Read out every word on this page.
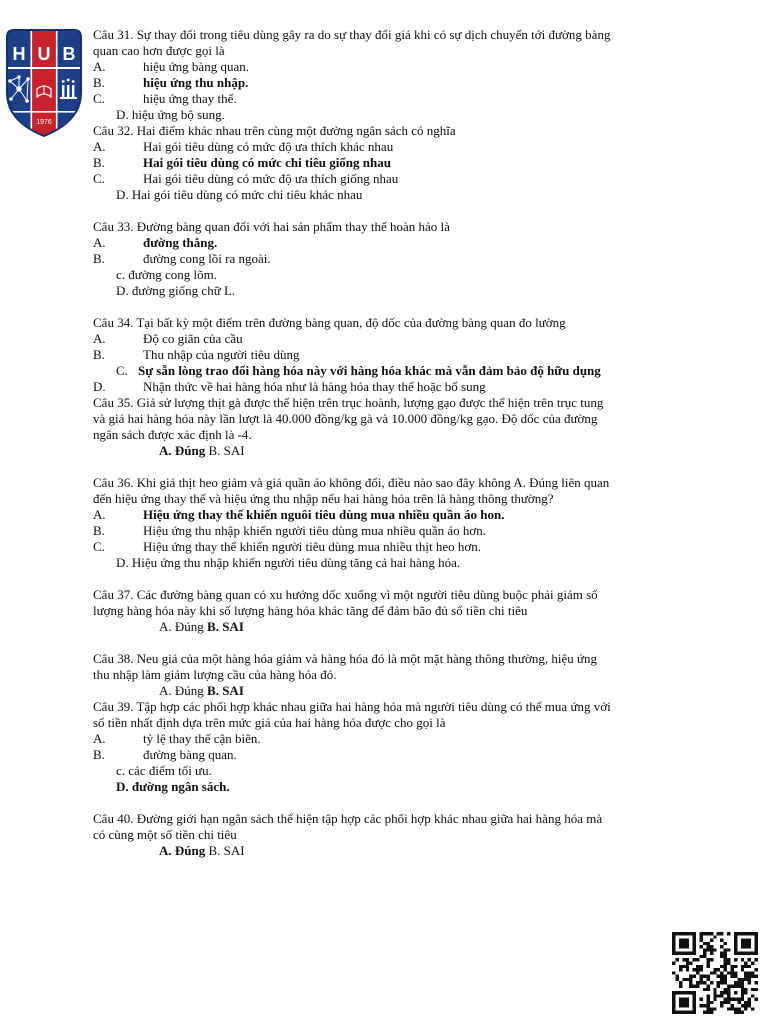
H U B
1976
Câu 31. Sự thay đổi trong tiêu dùng gây ra do sự thay đổi giá khi có sự dịch chuyến tới đường bàng
quan cao hơn được gọi là
A.	hiệu ứng bàng quan.
B.	hiệu ứng thu nhập.
C.	hiệu ứng thay thế.
D. hiệu ứng bộ sung.
Câu 32. Hai điểm khác nhau trên cùng một đường ngân sách có nghĩa
A.	Hai gói tiêu dùng có mức độ ưa thích khác nhau
B.	Hai gói tiêu dùng có mức chi tiêu giống nhau
C.	Hai gói tiêu dùng có mức độ ưa thích giống nhau
D. Hai gói tiêu dùng có mức chi tiêu khác nhau
Câu 33. Đường bàng quan đối với hai sản phẩm thay thế hoàn hảo là
A.	đường thẳng.
B.	đường cong lồi ra ngoài.
c. đường cong lõm.
D. đường giống chữ L.
Câu 34. Tại bất kỳ một điểm trên đường bàng quan, độ dốc của đường bàng quan đo lường
A.	Độ co giãn của cầu
B.	Thu nhập của người tiêu dùng
C. Sự sẵn lòng trao đổi hàng hóa này với hàng hóa khác mà vẫn đảm bảo độ hữu dụng
D.	Nhận thức về hai hàng hóa như là hàng hóa thay thế hoặc bổ sung
Câu 35. Giả sử lượng thịt gà được thể hiện trên trục hoành, lượng gạo được thể hiện trên trục tung
và giá hai hàng hóa này lần lượt là 40.000 đồng/kg gà và 10.000 đồng/kg gạo. Độ dốc của đường
ngân sách được xác định là -4.
A. Đúng B. SAI
Câu 36. Khi giá thịt heo giảm và giá quần áo không đổi, điều nào sao đây không A. Đúng liên quan
đến hiệu ứng thay thế và hiệu ứng thu nhập nếu hai hàng hóa trên là hàng thông thường?
A.	Hiệu ứng thay thế khiến nguôi tiêu dùng mua nhiều quần áo hon.
B.	Hiệu ứng thu nhập khiến người tiêu dùng mua nhiều quần áo hơn.
C.	Hiệu ứng thay thế khiến người tiêu dùng mua nhiều thịt heo hơn.
D. Hiệu ứng thu nhập khiến người tiêu dùng tăng cả hai hàng hóa.
Câu 37. Các đường bàng quan có xu hướng dốc xuống vì một người tiêu dùng buộc phải giảm số
lượng hàng hóa này khi số lượng hàng hóa khác tăng để đảm bão đủ số tiền chi tiêu
A. Đúng B. SAI
Câu 38. Neu giá của một hàng hóa giảm và hàng hóa đó là một mặt hàng thông thường, hiệu ứng
thu nhập làm giảm lượng cầu của hàng hóa đó.
A. Đúng B. SAI
Câu 39. Tập hợp các phối hợp khác nhau giữa hai hàng hóa mà người tiêu dùng có thể mua ứng với
số tiền nhất định dựa trên mức giá của hai hàng hóa được cho gọi là
A.	tỷ lệ thay thế cận biên.
B.	đường bàng quan.
c. các điểm tối ưu.
D. đường ngân sách.
Câu 40. Đường giới hạn ngân sách thể hiện tập hợp các phối hợp khác nhau giữa hai hàng hóa mà
có cùng một số tiền chi tiêu
A. Đúng B. SAI
